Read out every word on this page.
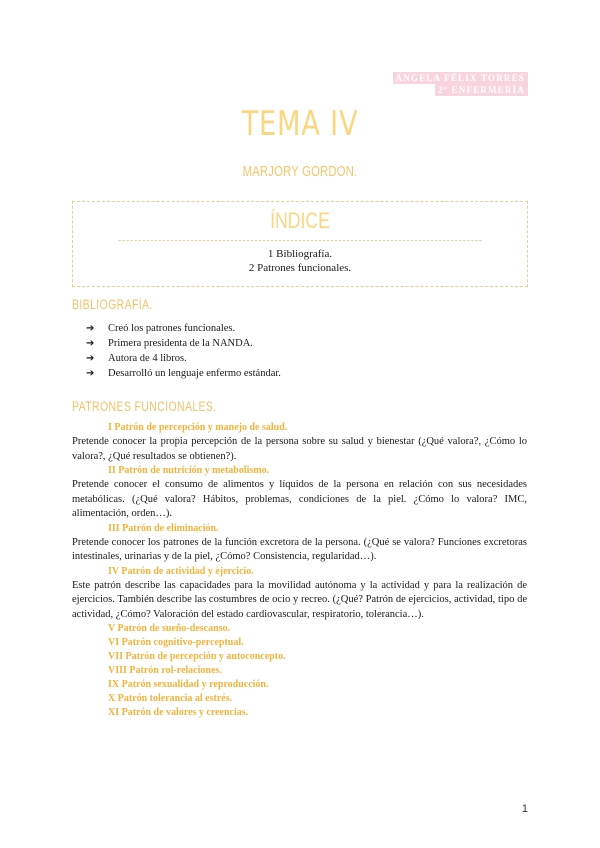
ÁNGELA FÉLIX TORRES
2º ENFERMERÍA
TEMA IV
MARJORY GORDON.
ÍNDICE
1 Bibliografía.
2 Patrones funcionales.
BIBLIOGRAFÍA.
➔ Creó los patrones funcionales.
➔ Primera presidenta de la NANDA.
➔ Autora de 4 libros.
➔ Desarrolló un lenguaje enfermo estándar.
PATRONES FUNCIONALES.
I Patrón de percepción y manejo de salud.
Pretende conocer la propia percepción de la persona sobre su salud y bienestar (¿Qué valora?, ¿Cómo lo valora?, ¿Qué resultados se obtienen?).
II Patrón de nutrición y metabolismo.
Pretende conocer el consumo de alimentos y líquidos de la persona en relación con sus necesidades metabólicas. (¿Qué valora? Hábitos, problemas, condiciones de la piel. ¿Cómo lo valora? IMC, alimentación, orden…).
III Patrón de eliminación.
Pretende conocer los patrones de la función excretora de la persona. (¿Qué se valora? Funciones excretoras intestinales, urinarias y de la piel, ¿Cómo? Consistencia, regularidad…).
IV Patrón de actividad y ejercicio.
Este patrón describe las capacidades para la movilidad autónoma y la actividad y para la realización de ejercicios. También describe las costumbres de ocio y recreo. (¿Qué? Patrón de ejercicios, actividad, tipo de actividad, ¿Cómo? Valoración del estado cardiovascular, respiratorio, tolerancia…).
V Patrón de sueño-descanso.
VI Patrón cognitivo-perceptual.
VII Patrón de percepción y autoconcepto.
VIII Patrón rol-relaciones.
IX Patrón sexualidad y reproducción.
X Patrón tolerancia al estrés.
XI Patrón de valores y creencias.
1
